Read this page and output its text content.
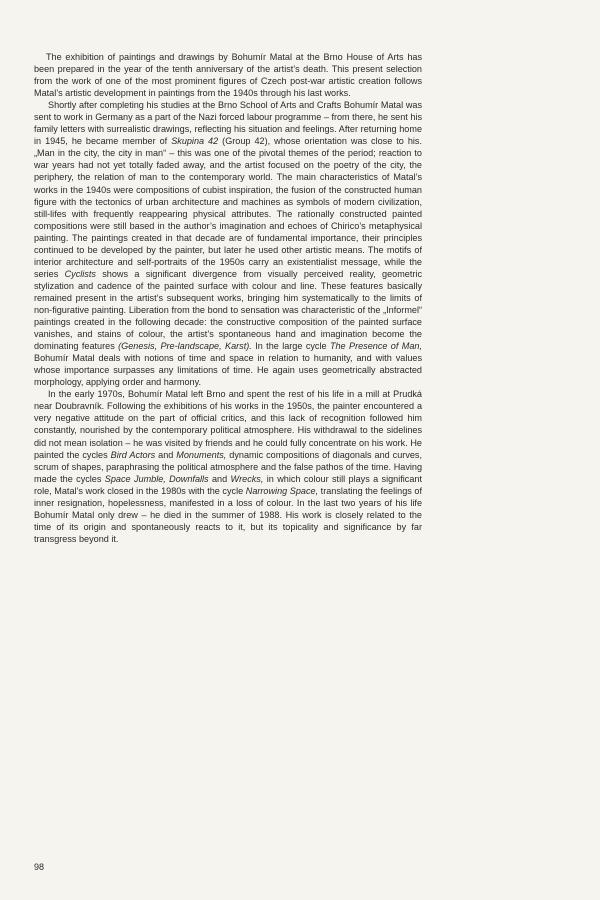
The exhibition of paintings and drawings by Bohumír Matal at the Brno House of Arts has been prepared in the year of the tenth anniversary of the artist’s death. This present selection from the work of one of the most prominent figures of Czech post-war artistic creation follows Matal’s artistic development in paintings from the 1940s through his last works.

Shortly after completing his studies at the Brno School of Arts and Crafts Bohumír Matal was sent to work in Germany as a part of the Nazi forced labour programme – from there, he sent his family letters with surrealistic drawings, reflecting his situation and feelings. After returning home in 1945, he became member of Skupina 42 (Group 42), whose orientation was close to his. „Man in the city, the city in man“ – this was one of the pivotal themes of the period; reaction to war years had not yet totally faded away, and the artist focused on the poetry of the city, the periphery, the relation of man to the contemporary world. The main characteristics of Matal’s works in the 1940s were compositions of cubist inspiration, the fusion of the constructed human figure with the tectonics of urban architecture and machines as symbols of modern civilization, still-lifes with frequently reappearing physical attributes. The rationally constructed painted compositions were still based in the author’s imagination and echoes of Chirico’s metaphysical painting. The paintings created in that decade are of fundamental importance, their principles continued to be developed by the painter, but later he used other artistic means. The motifs of interior architecture and self-portraits of the 1950s carry an existentialist message, while the series Cyclists shows a significant divergence from visually perceived reality, geometric stylization and cadence of the painted surface with colour and line. These features basically remained present in the artist’s subsequent works, bringing him systematically to the limits of non-figurative painting. Liberation from the bond to sensation was characteristic of the „Informel“ paintings created in the following decade: the constructive composition of the painted surface vanishes, and stains of colour, the artist’s spontaneous hand and imagination become the dominating features (Genesis, Pre-landscape, Karst). In the large cycle The Presence of Man, Bohumír Matal deals with notions of time and space in relation to humanity, and with values whose importance surpasses any limitations of time. He again uses geometrically abstracted morphology, applying order and harmony.

In the early 1970s, Bohumír Matal left Brno and spent the rest of his life in a mill at Prudká near Doubravník. Following the exhibitions of his works in the 1950s, the painter encountered a very negative attitude on the part of official critics, and this lack of recognition followed him constantly, nourished by the contemporary political atmosphere. His withdrawal to the sidelines did not mean isolation – he was visited by friends and he could fully concentrate on his work. He painted the cycles Bird Actors and Monuments, dynamic compositions of diagonals and curves, scrum of shapes, paraphrasing the political atmosphere and the false pathos of the time. Having made the cycles Space Jumble, Downfalls and Wrecks, in which colour still plays a significant role, Matal’s work closed in the 1980s with the cycle Narrowing Space, translating the feelings of inner resignation, hopelessness, manifested in a loss of colour. In the last two years of his life Bohumír Matal only drew – he died in the summer of 1988. His work is closely related to the time of its origin and spontaneously reacts to it, but its topicality and significance by far transgress beyond it.

98
